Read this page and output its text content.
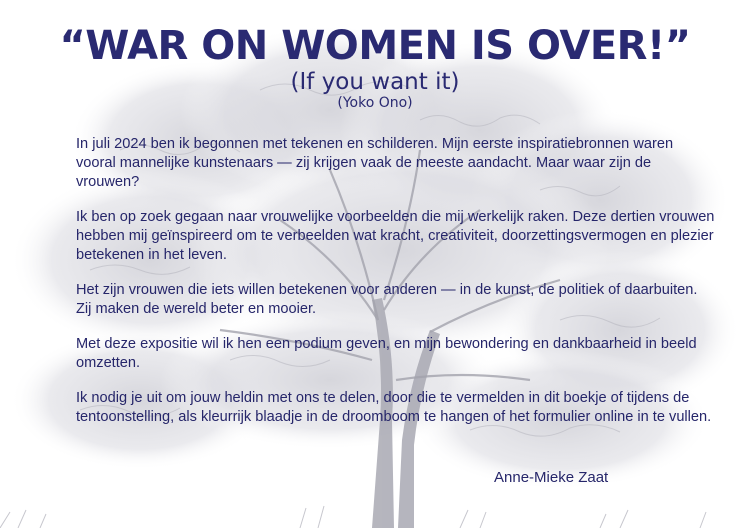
“WAR ON WOMEN IS OVER!”
(If you want it)
(Yoko Ono)

In juli 2024 ben ik begonnen met tekenen en schilderen. Mijn eerste inspiratiebronnen waren vooral mannelijke kunstenaars — zij krijgen vaak de meeste aandacht. Maar waar zijn de vrouwen?

Ik ben op zoek gegaan naar vrouwelijke voorbeelden die mij werkelijk raken. Deze dertien vrouwen hebben mij geïnspireerd om te verbeelden wat kracht, creativiteit, doorzettingsvermogen en plezier betekenen in het leven.

Het zijn vrouwen die iets willen betekenen voor anderen — in de kunst, de politiek of daarbuiten. Zij maken de wereld beter en mooier.

Met deze expositie wil ik hen een podium geven, en mijn bewondering en dankbaarheid in beeld omzetten.

Ik nodig je uit om jouw heldin met ons te delen, door die te vermelden in dit boekje of tijdens de tentoonstelling, als kleurrijk blaadje in de droomboom te hangen of het formulier online in te vullen.

Anne-Mieke Zaat
